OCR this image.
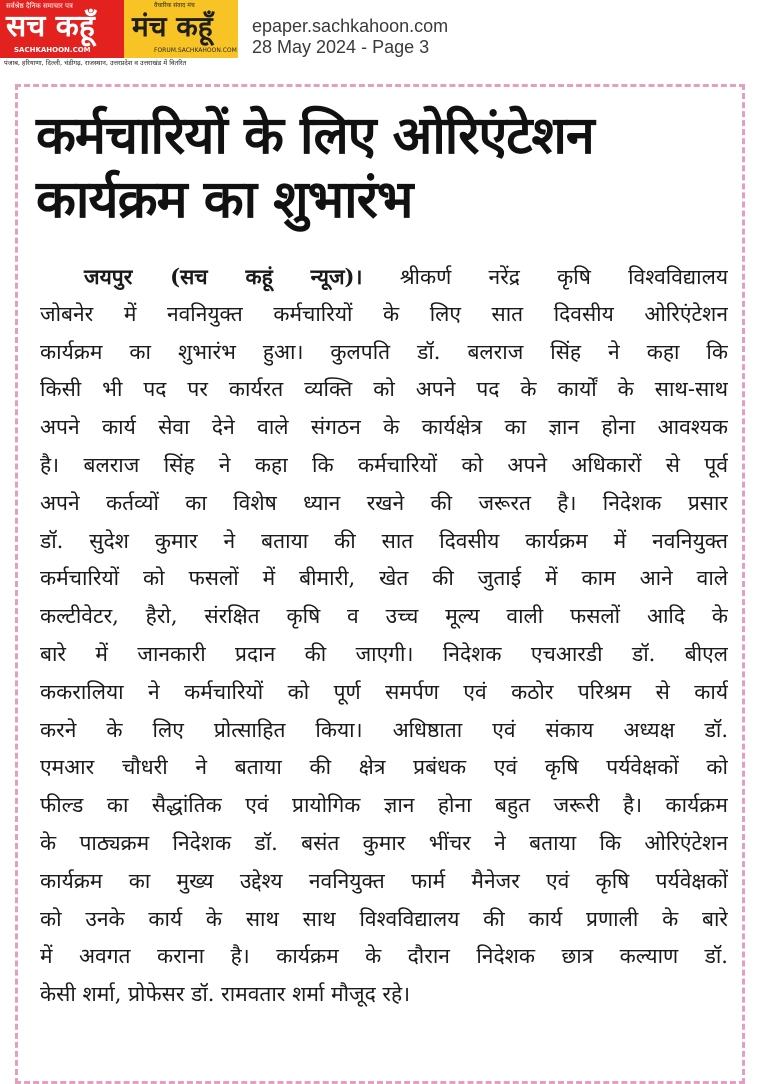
सर्वश्रेष्ठ दैनिक समाचार पत्र
सच कहूँ
SACHKAHOON.COM
वैचारिक संवाद मंच
मंच कहूँ
FORUM.SACHKAHOON.COM
पंजाब, हरियाणा, दिल्ली, चंडीगढ़, राजस्थान, उत्तरप्रदेश व उत्तराखंड में वितरित
epaper.sachkahoon.com
28 May 2024 - Page 3
कर्मचारियों के लिए ओरिएंटेशन
कार्यक्रम का शुभारंभ
जयपुर (सच कहूं न्यूज)। श्रीकर्ण नरेंद्र कृषि विश्वविद्यालय
जोबनेर में नवनियुक्त कर्मचारियों के लिए सात दिवसीय ओरिएंटेशन
कार्यक्रम का शुभारंभ हुआ। कुलपति डॉ. बलराज सिंह ने कहा कि
किसी भी पद पर कार्यरत व्यक्ति को अपने पद के कार्यों के साथ-साथ
अपने कार्य सेवा देने वाले संगठन के कार्यक्षेत्र का ज्ञान होना आवश्यक
है। बलराज सिंह ने कहा कि कर्मचारियों को अपने अधिकारों से पूर्व
अपने कर्तव्यों का विशेष ध्यान रखने की जरूरत है। निदेशक प्रसार
डॉ. सुदेश कुमार ने बताया की सात दिवसीय कार्यक्रम में नवनियुक्त
कर्मचारियों को फसलों में बीमारी, खेत की जुताई में काम आने वाले
कल्टीवेटर, हैरो, संरक्षित कृषि व उच्च मूल्य वाली फसलों आदि के
बारे में जानकारी प्रदान की जाएगी। निदेशक एचआरडी डॉ. बीएल
ककरालिया ने कर्मचारियों को पूर्ण समर्पण एवं कठोर परिश्रम से कार्य
करने के लिए प्रोत्साहित किया। अधिष्ठाता एवं संकाय अध्यक्ष डॉ.
एमआर चौधरी ने बताया की क्षेत्र प्रबंधक एवं कृषि पर्यवेक्षकों को
फील्ड का सैद्धांतिक एवं प्रायोगिक ज्ञान होना बहुत जरूरी है। कार्यक्रम
के पाठ्यक्रम निदेशक डॉ. बसंत कुमार भींचर ने बताया कि ओरिएंटेशन
कार्यक्रम का मुख्य उद्देश्य नवनियुक्त फार्म मैनेजर एवं कृषि पर्यवेक्षकों
को उनके कार्य के साथ साथ विश्वविद्यालय की कार्य प्रणाली के बारे
में अवगत कराना है। कार्यक्रम के दौरान निदेशक छात्र कल्याण डॉ.
केसी शर्मा, प्रोफेसर डॉ. रामवतार शर्मा मौजूद रहे।
